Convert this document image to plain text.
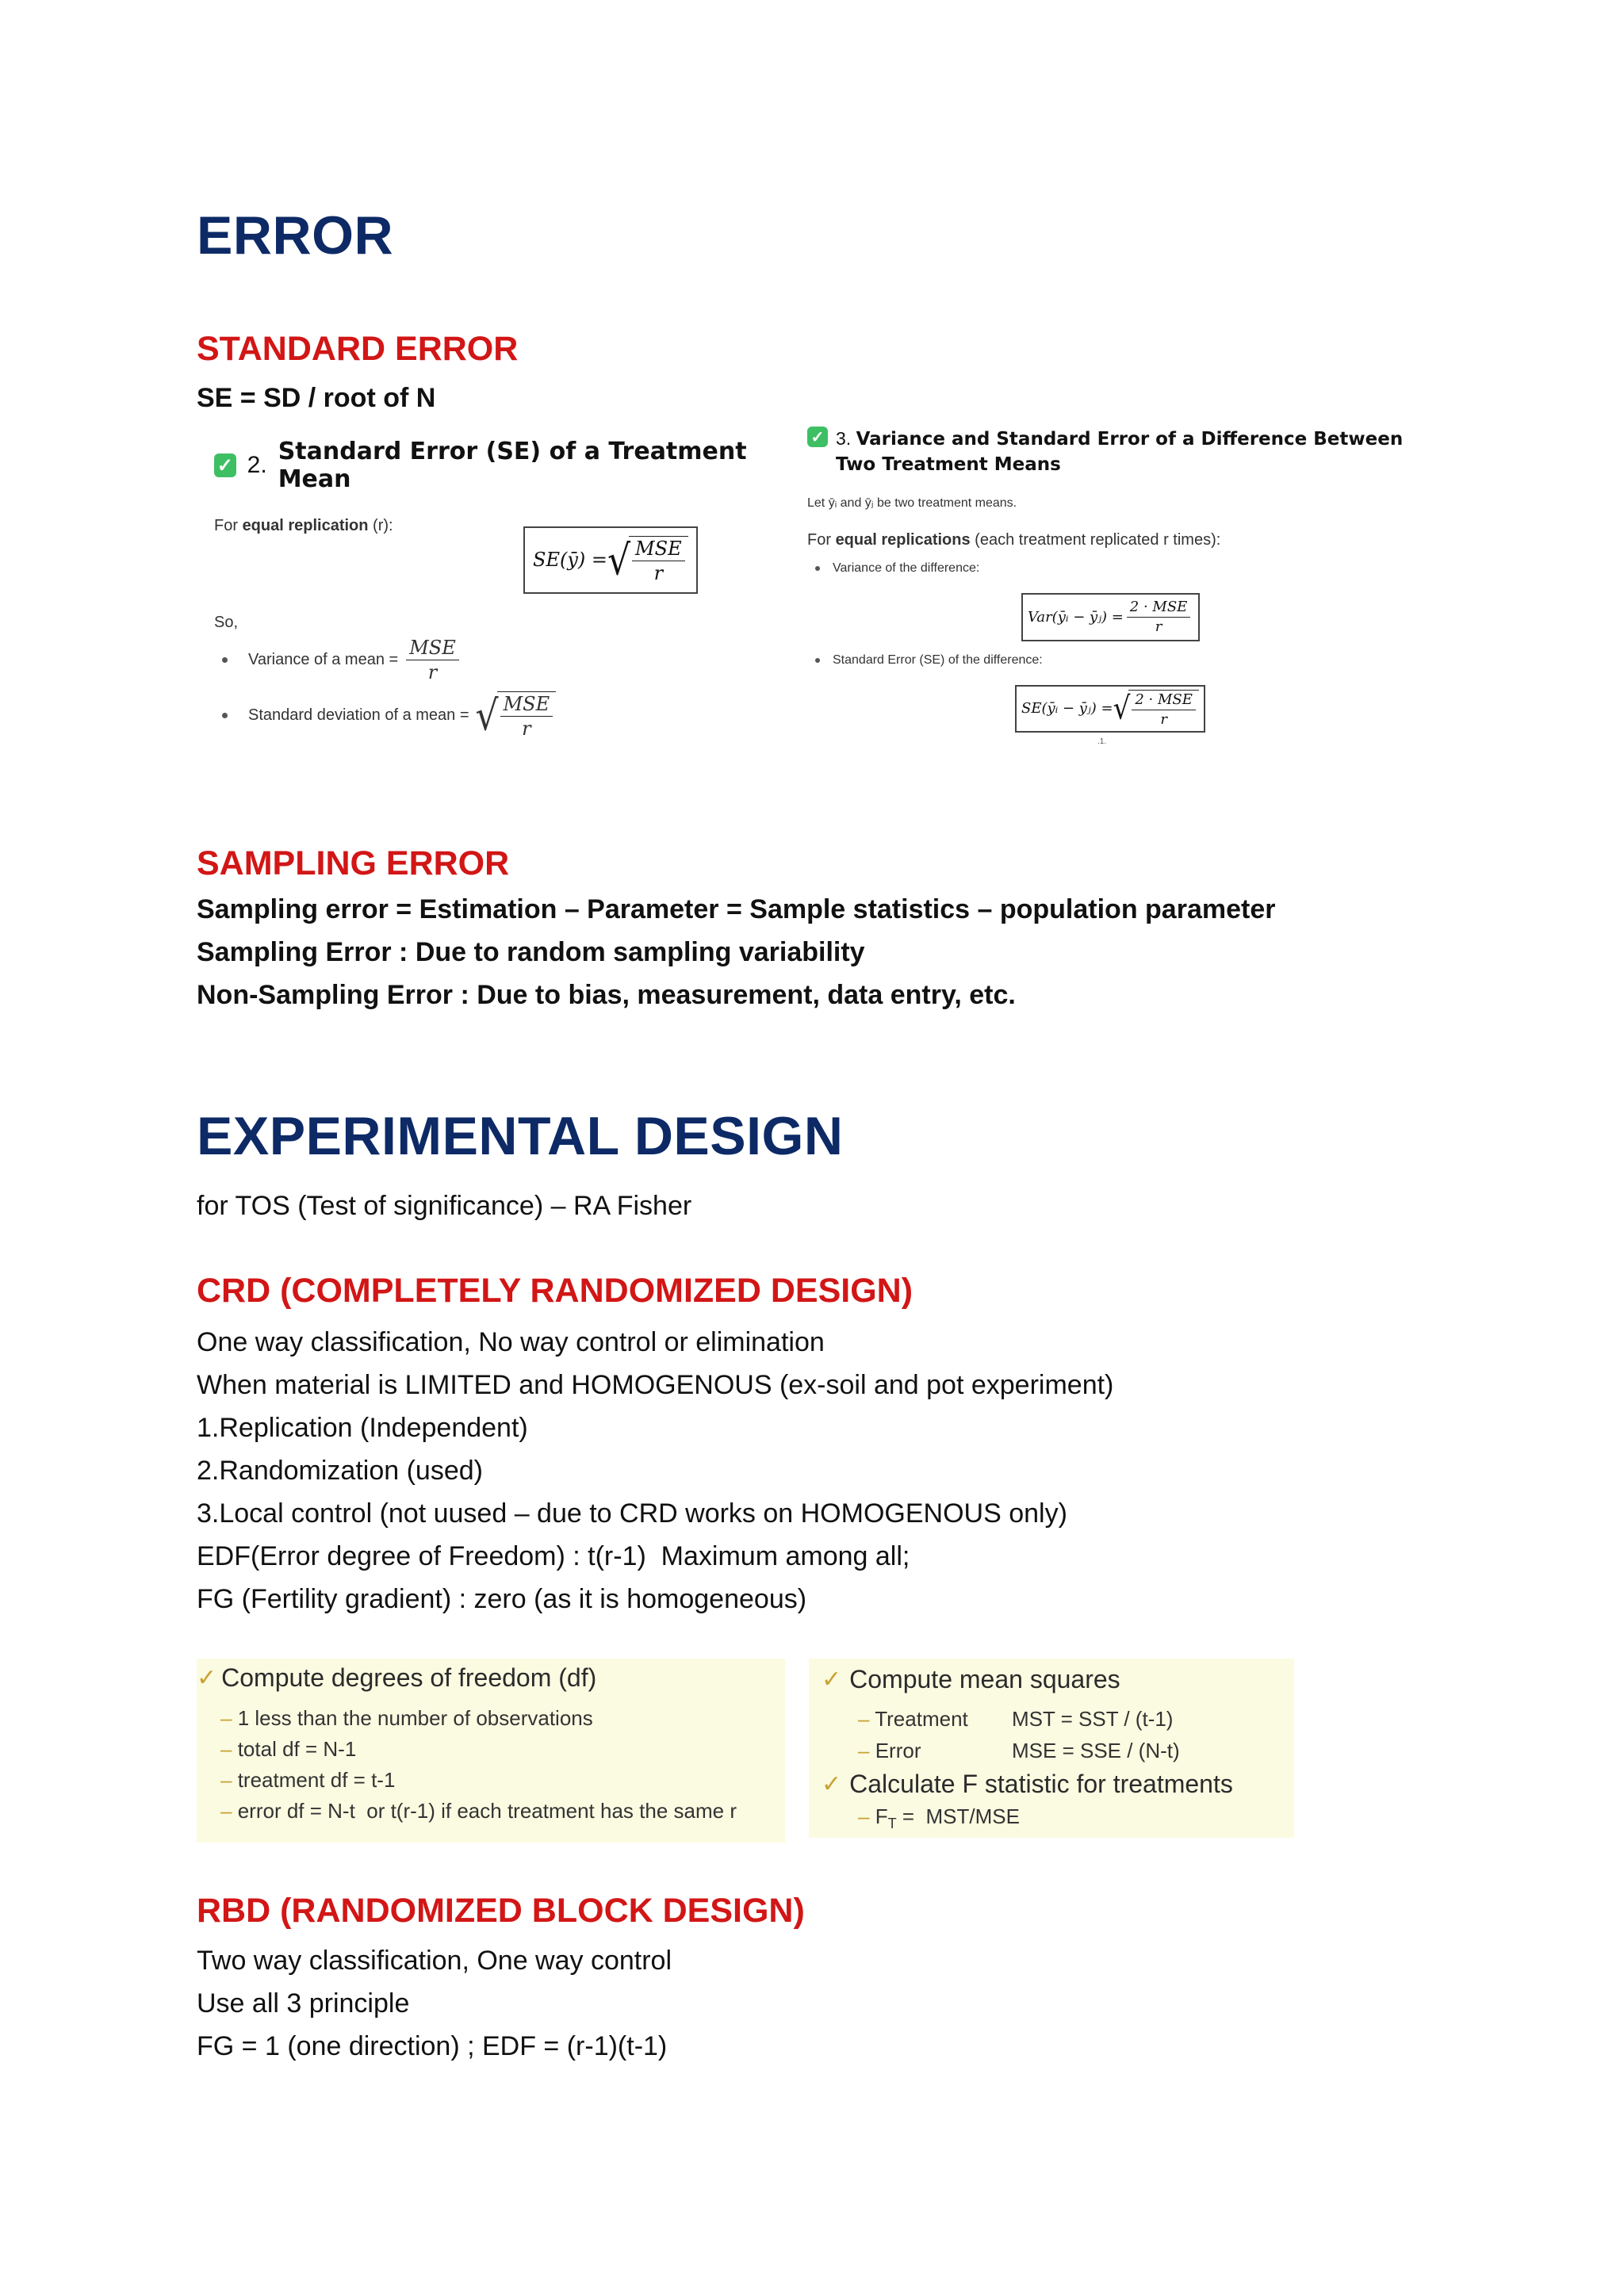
ERROR
STANDARD ERROR
SE = SD / root of N
✓ 2. Standard Error (SE) of a Treatment Mean
For equal replication (r):
SE(ȳ) = √ $\frac{\text{MSE}}{r}$
So,
Variance of a mean = $\frac{\text{MSE}}{r}$
Standard deviation of a mean = √ $\frac{\text{MSE}}{r}$
✓ 3. Variance and Standard Error of a Difference Between Two Treatment Means
Let ȳᵢ and ȳⱼ be two treatment means.
For equal replications (each treatment replicated r times):
Variance of the difference:
Var(ȳᵢ − ȳⱼ) = $\frac{\text{2 · MSE}}{r}$
Standard Error (SE) of the difference:
SE(ȳᵢ − ȳⱼ) = √ $\frac{\text{2 · MSE}}{r}$
.1.
SAMPLING ERROR
Sampling error = Estimation – Parameter = Sample statistics – population parameter
Sampling Error : Due to random sampling variability
Non-Sampling Error : Due to bias, measurement, data entry, etc.
EXPERIMENTAL DESIGN
for TOS (Test of significance) – RA Fisher
CRD (COMPLETELY RANDOMIZED DESIGN)
One way classification, No way control or elimination
When material is LIMITED and HOMOGENOUS (ex-soil and pot experiment)
1.Replication (Independent)
2.Randomization (used)
3.Local control (not uused – due to CRD works on HOMOGENOUS only)
EDF(Error degree of Freedom) : t(r-1)  Maximum among all;
FG (Fertility gradient) : zero (as it is homogeneous)
✓ Compute degrees of freedom (df)
– 1 less than the number of observations
– total df = N-1
– treatment df = t-1
– error df = N-t  or t(r-1) if each treatment has the same r
✓ Compute mean squares
– Treatment	MST = SST / (t-1)
– Error	MSE = SSE / (N-t)
✓ Calculate F statistic for treatments
– $F_T = MST/MSE$
RBD (RANDOMIZED BLOCK DESIGN)
Two way classification, One way control
Use all 3 principle
FG = 1 (one direction) ; EDF = (r-1)(t-1)
